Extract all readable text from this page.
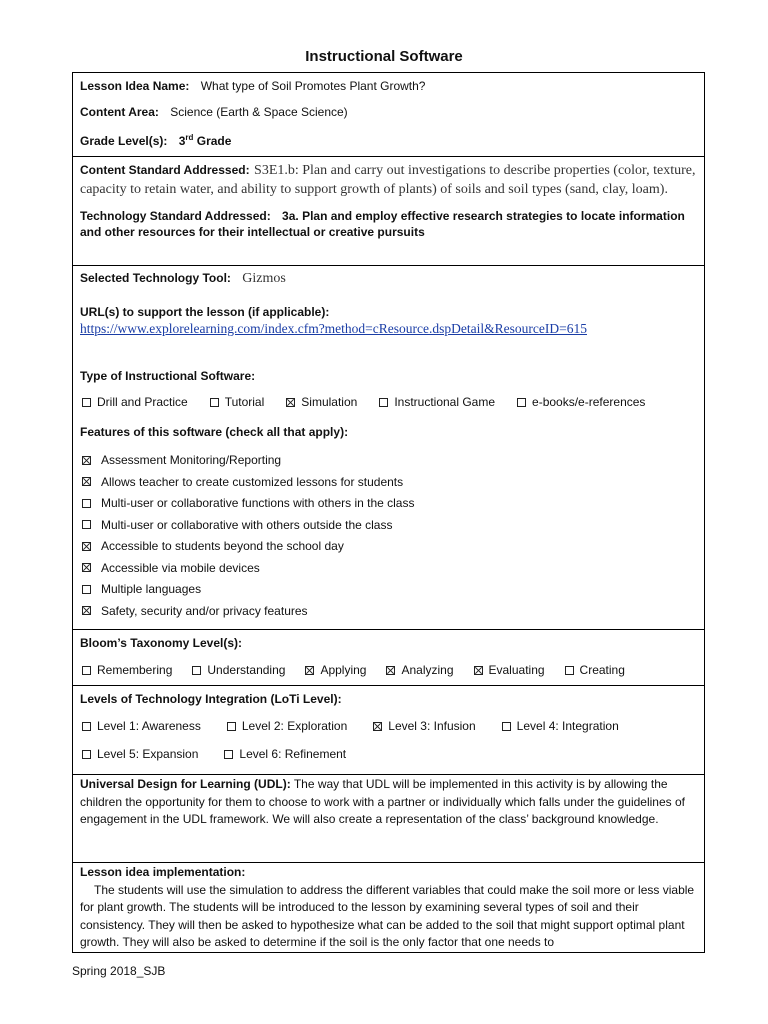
Instructional Software
Lesson Idea Name: What type of Soil Promotes Plant Growth?
Content Area: Science (Earth & Space Science)
Grade Level(s): 3rd Grade
Content Standard Addressed: S3E1.b: Plan and carry out investigations to describe properties (color, texture, capacity to retain water, and ability to support growth of plants) of soils and soil types (sand, clay, loam).
Technology Standard Addressed: 3a. Plan and employ effective research strategies to locate information and other resources for their intellectual or creative pursuits
Selected Technology Tool: Gizmos
URL(s) to support the lesson (if applicable):
https://www.explorelearning.com/index.cfm?method=cResource.dspDetail&ResourceID=615
Type of Instructional Software:
Drill and Practice	Tutorial	Simulation	Instructional Game	e-books/e-references
Features of this software (check all that apply):
Assessment Monitoring/Reporting
Allows teacher to create customized lessons for students
Multi-user or collaborative functions with others in the class
Multi-user or collaborative with others outside the class
Accessible to students beyond the school day
Accessible via mobile devices
Multiple languages
Safety, security and/or privacy features
Bloom’s Taxonomy Level(s):
Remembering	Understanding	Applying	Analyzing	Evaluating	Creating
Levels of Technology Integration (LoTi Level):
Level 1: Awareness	Level 2: Exploration	Level 3: Infusion	Level 4: Integration
Level 5: Expansion	Level 6: Refinement
Universal Design for Learning (UDL): The way that UDL will be implemented in this activity is by allowing the children the opportunity for them to choose to work with a partner or individually which falls under the guidelines of engagement in the UDL framework. We will also create a representation of the class’ background knowledge.
Lesson idea implementation:
The students will use the simulation to address the different variables that could make the soil more or less viable for plant growth. The students will be introduced to the lesson by examining several types of soil and their consistency. They will then be asked to hypothesize what can be added to the soil that might support optimal plant growth. They will also be asked to determine if the soil is the only factor that one needs to
Spring 2018_SJB
